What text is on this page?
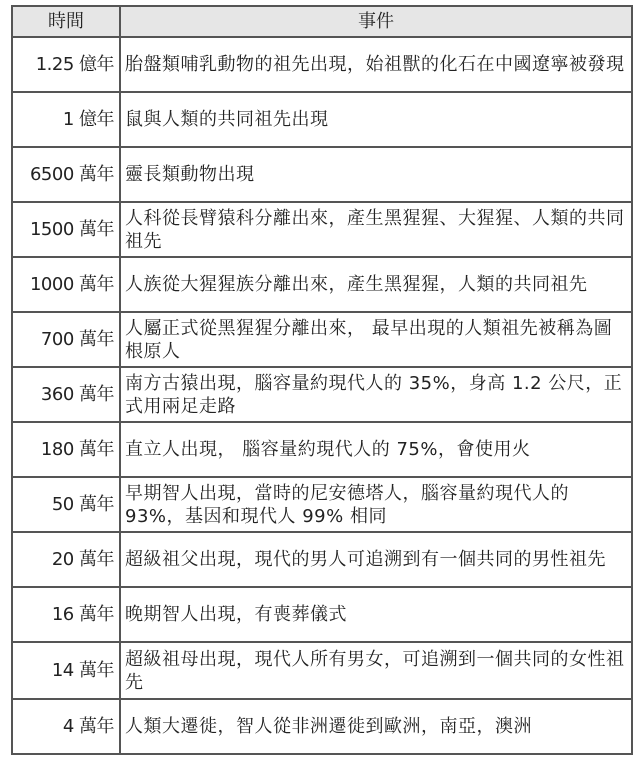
時間	事件
1.25 億年	胎盤類哺乳動物的祖先出現，始祖獸的化石在中國遼寧被發現
1 億年	鼠與人類的共同祖先出現
6500 萬年	靈長類動物出現
1500 萬年	人科從長臂猿科分離出來，產生黑猩猩、大猩猩、人類的共同祖先
1000 萬年	人族從大猩猩族分離出來，產生黑猩猩，人類的共同祖先
700 萬年	人屬正式從黑猩猩分離出來， 最早出現的人類祖先被稱為圖根原人
360 萬年	南方古猿出現，腦容量約現代人的 35%，身高 1.2 公尺，正式用兩足走路
180 萬年	直立人出現， 腦容量約現代人的 75%，會使用火
50 萬年	早期智人出現，當時的尼安德塔人，腦容量約現代人的 93%，基因和現代人 99% 相同
20 萬年	超級祖父出現，現代的男人可追溯到有一個共同的男性祖先
16 萬年	晚期智人出現，有喪葬儀式
14 萬年	超級祖母出現，現代人所有男女，可追溯到一個共同的女性祖先
4 萬年	人類大遷徙，智人從非洲遷徙到歐洲，南亞，澳洲
